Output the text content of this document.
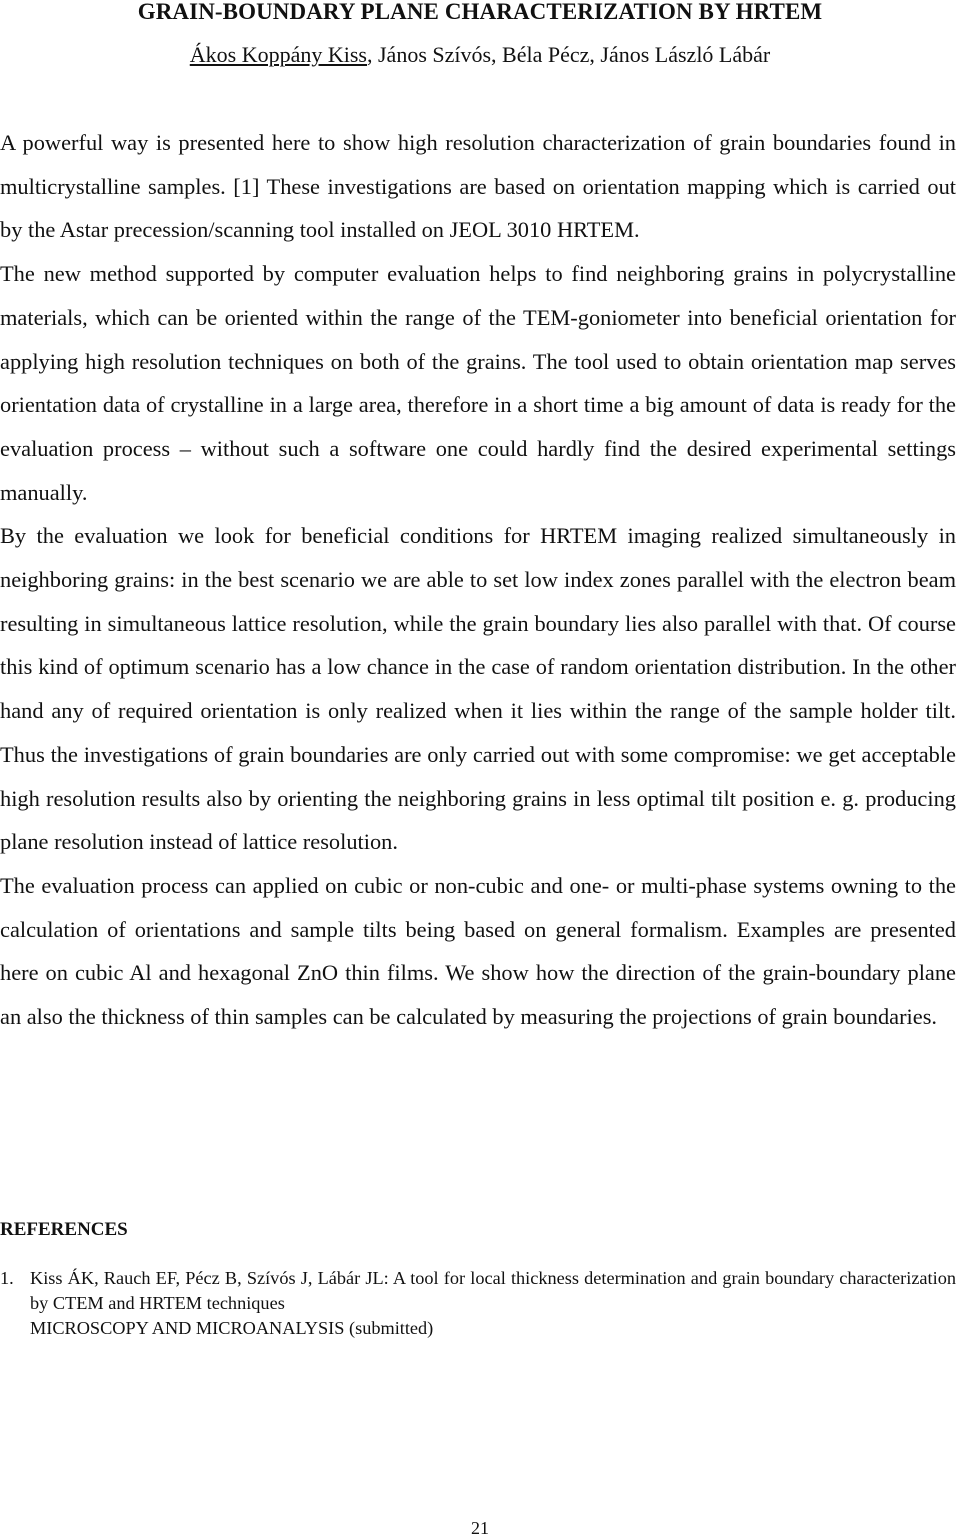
GRAIN-BOUNDARY PLANE CHARACTERIZATION BY HRTEM
Ákos Koppány Kiss, János Szívós, Béla Pécz, János László Lábár

A powerful way is presented here to show high resolution characterization of grain boundaries found in multicrystalline samples. [1] These investigations are based on orientation mapping which is carried out by the Astar precession/scanning tool installed on JEOL 3010 HRTEM.

The new method supported by computer evaluation helps to find neighboring grains in polycrystalline materials, which can be oriented within the range of the TEM-goniometer into beneficial orientation for applying high resolution techniques on both of the grains. The tool used to obtain orientation map serves orientation data of crystalline in a large area, therefore in a short time a big amount of data is ready for the evaluation process – without such a software one could hardly find the desired experimental settings manually.

By the evaluation we look for beneficial conditions for HRTEM imaging realized simultaneously in neighboring grains: in the best scenario we are able to set low index zones parallel with the electron beam resulting in simultaneous lattice resolution, while the grain boundary lies also parallel with that. Of course this kind of optimum scenario has a low chance in the case of random orientation distribution. In the other hand any of required orientation is only realized when it lies within the range of the sample holder tilt. Thus the investigations of grain boundaries are only carried out with some compromise: we get acceptable high resolution results also by orienting the neighboring grains in less optimal tilt position e. g. producing plane resolution instead of lattice resolution.

The evaluation process can applied on cubic or non-cubic and one- or multi-phase systems owning to the calculation of orientations and sample tilts being based on general formalism. Examples are presented here on cubic Al and hexagonal ZnO thin films. We show how the direction of the grain-boundary plane an also the thickness of thin samples can be calculated by measuring the projections of grain boundaries.

REFERENCES
1. Kiss ÁK, Rauch EF, Pécz B, Szívós J, Lábár JL: A tool for local thickness determination and grain boundary characterization by CTEM and HRTEM techniques
MICROSCOPY AND MICROANALYSIS (submitted)
21
